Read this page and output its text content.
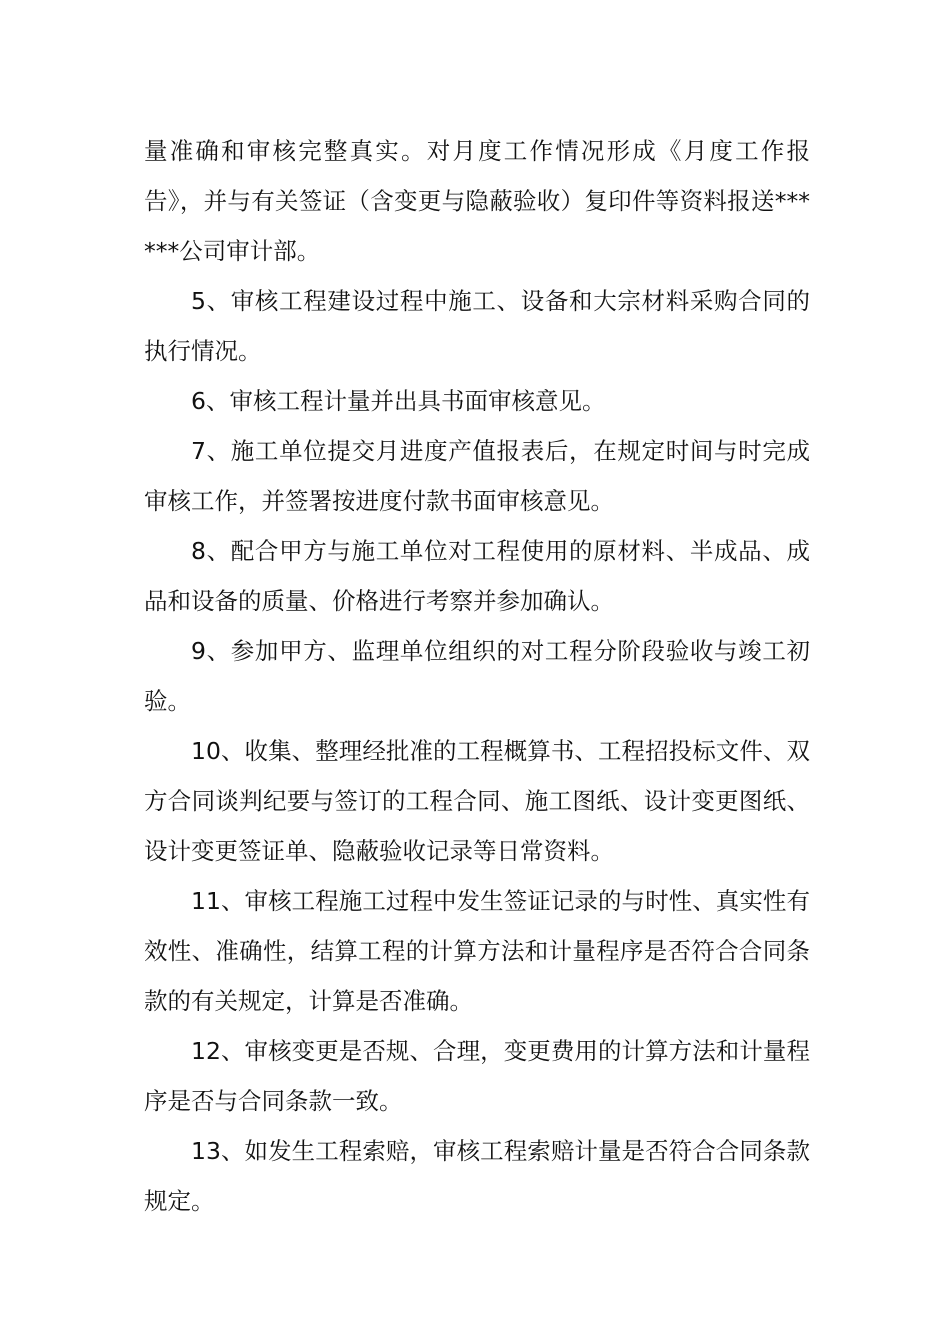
量准确和审核完整真实。对月度工作情况形成《月度工作报告》，并与有关签证（含变更与隐蔽验收）复印件等资料报送******公司审计部。

5、审核工程建设过程中施工、设备和大宗材料采购合同的执行情况。

6、审核工程计量并出具书面审核意见。

7、施工单位提交月进度产值报表后，在规定时间与时完成审核工作，并签署按进度付款书面审核意见。

8、配合甲方与施工单位对工程使用的原材料、半成品、成品和设备的质量、价格进行考察并参加确认。

9、参加甲方、监理单位组织的对工程分阶段验收与竣工初验。

10、收集、整理经批准的工程概算书、工程招投标文件、双方合同谈判纪要与签订的工程合同、施工图纸、设计变更图纸、设计变更签证单、隐蔽验收记录等日常资料。

11、审核工程施工过程中发生签证记录的与时性、真实性有效性、准确性，结算工程的计算方法和计量程序是否符合合同条款的有关规定，计算是否准确。

12、审核变更是否规、合理，变更费用的计算方法和计量程序是否与合同条款一致。

13、如发生工程索赔，审核工程索赔计量是否符合合同条款规定。
